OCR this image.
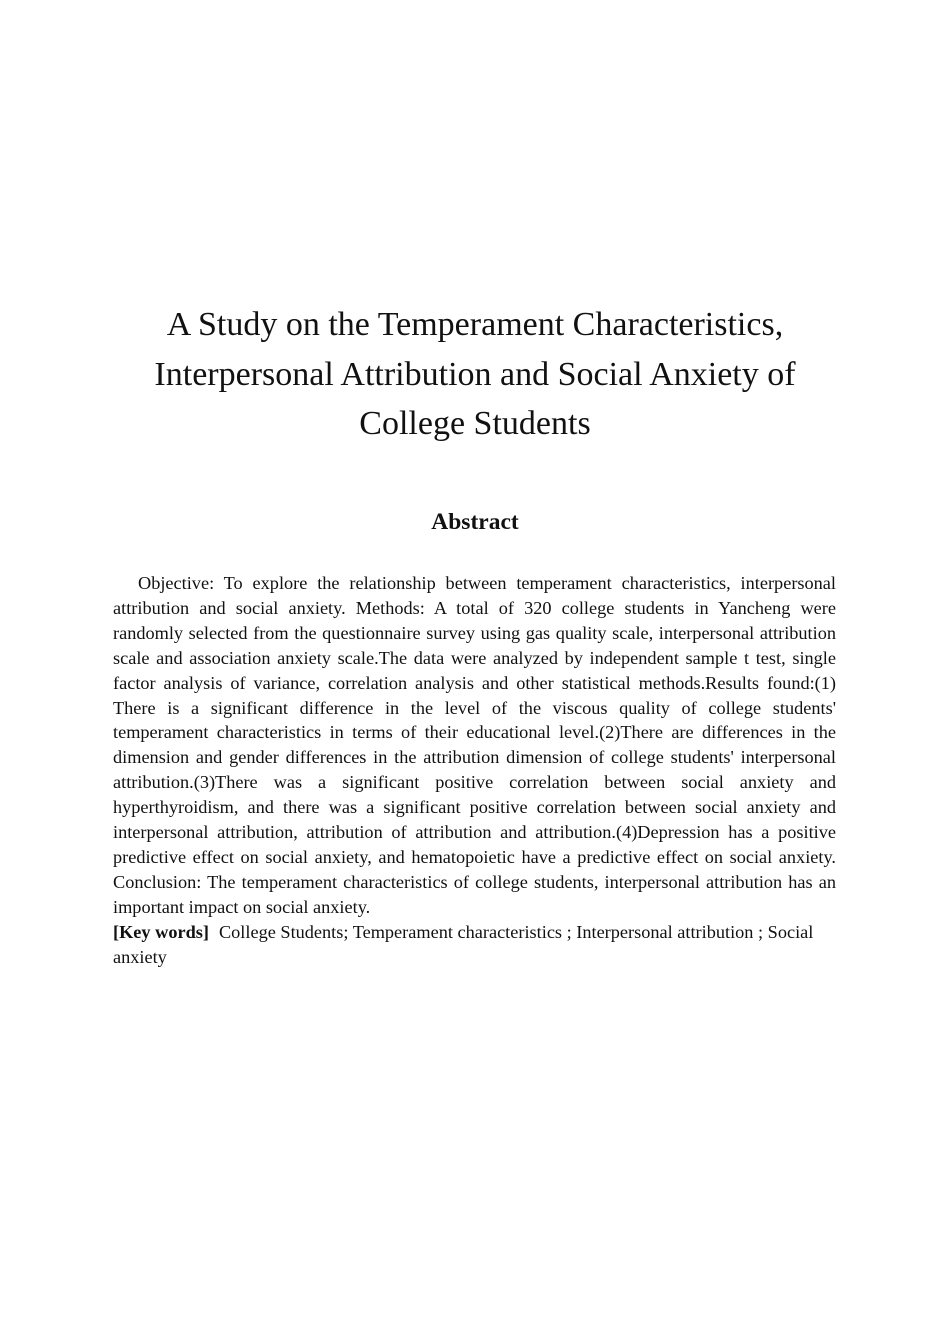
A Study on the Temperament Characteristics,
Interpersonal Attribution and Social Anxiety of
College Students
Abstract

Objective: To explore the relationship between temperament characteristics, interpersonal attribution and social anxiety. Methods: A total of 320 college students in Yancheng were randomly selected from the questionnaire survey using gas quality scale, interpersonal attribution scale and association anxiety scale.The data were analyzed by independent sample t test, single factor analysis of variance, correlation analysis and other statistical methods.Results found:(1) There is a significant difference in the level of the viscous quality of college students' temperament characteristics in terms of their educational level.(2)There are differences in the dimension and gender differences in the attribution dimension of college students' interpersonal attribution.(3)There was a significant positive correlation between social anxiety and hyperthyroidism, and there was a significant positive correlation between social anxiety and interpersonal attribution, attribution of attribution and attribution.(4)Depression has a positive predictive effect on social anxiety, and hematopoietic have a predictive effect on social anxiety. Conclusion: The temperament characteristics of college students, interpersonal attribution has an important impact on social anxiety.

[Key words] College Students; Temperament characteristics ; Interpersonal attribution ; Social anxiety
